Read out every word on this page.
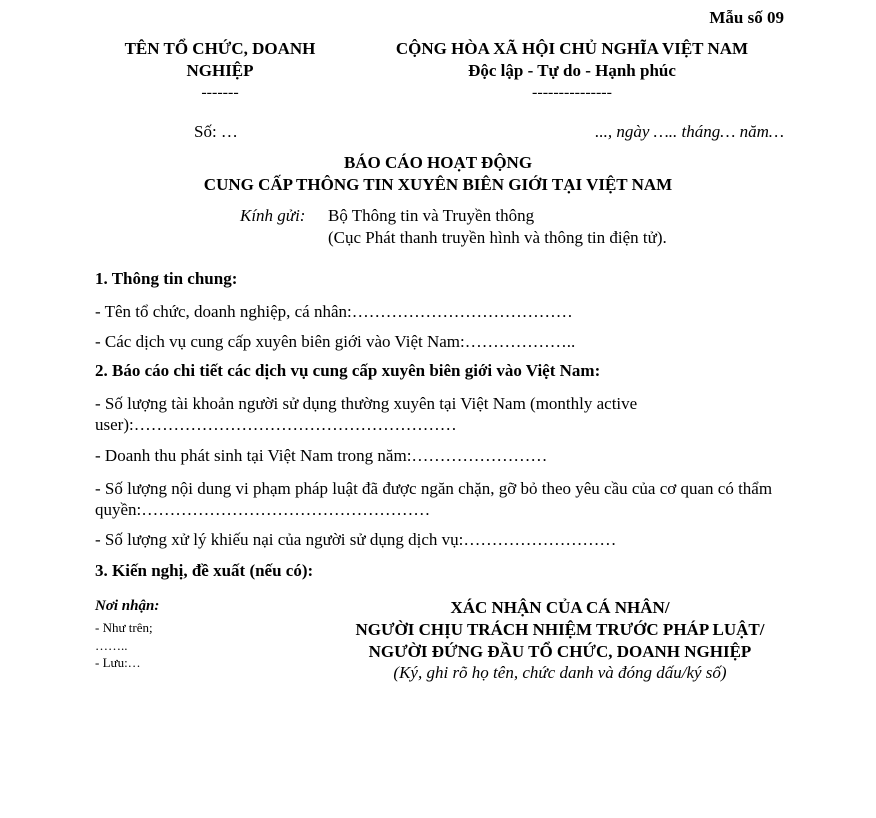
Mẫu số 09
TÊN TỔ CHỨC, DOANH NGHIỆP
-------
CỘNG HÒA XÃ HỘI CHỦ NGHĨA VIỆT NAM
Độc lập - Tự do - Hạnh phúc
---------------
Số: …	..., ngày ….. tháng… năm…
BÁO CÁO HOẠT ĐỘNG
CUNG CẤP THÔNG TIN XUYÊN BIÊN GIỚI TẠI VIỆT NAM
Kính gửi: Bộ Thông tin và Truyền thông
(Cục Phát thanh truyền hình và thông tin điện tử).
1. Thông tin chung:
- Tên tổ chức, doanh nghiệp, cá nhân:…………………………………
- Các dịch vụ cung cấp xuyên biên giới vào Việt Nam:………………..
2. Báo cáo chi tiết các dịch vụ cung cấp xuyên biên giới vào Việt Nam:
- Số lượng tài khoản người sử dụng thường xuyên tại Việt Nam (monthly active user):…………………………………………………
- Doanh thu phát sinh tại Việt Nam trong năm:……………………
- Số lượng nội dung vi phạm pháp luật đã được ngăn chặn, gỡ bỏ theo yêu cầu của cơ quan có thẩm quyền:……………………………………………
- Số lượng xử lý khiếu nại của người sử dụng dịch vụ:………………………
3. Kiến nghị, đề xuất (nếu có):
Nơi nhận:
- Như trên;
……..
- Lưu:…
XÁC NHẬN CỦA CÁ NHÂN/
NGƯỜI CHỊU TRÁCH NHIỆM TRƯỚC PHÁP LUẬT/
NGƯỜI ĐỨNG ĐẦU TỔ CHỨC, DOANH NGHIỆP
(Ký, ghi rõ họ tên, chức danh và đóng dấu/ký số)
